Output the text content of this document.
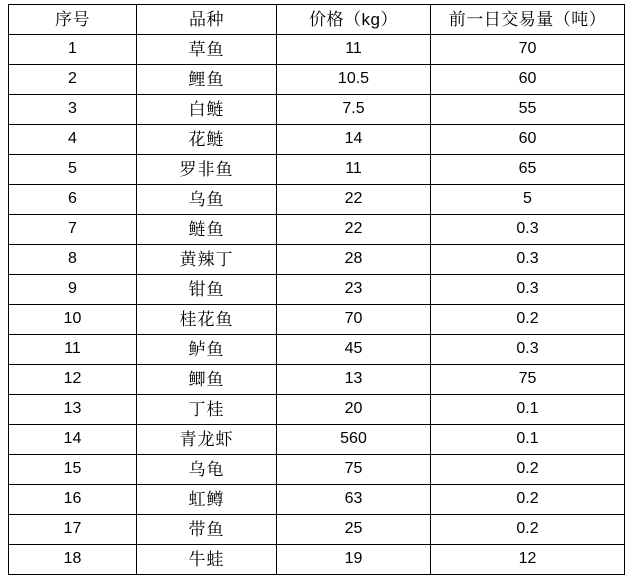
序号	品种	价格（kg）	前一日交易量（吨）
1	草鱼	11	70
2	鲤鱼	10.5	60
3	白鲢	7.5	55
4	花鲢	14	60
5	罗非鱼	11	65
6	乌鱼	22	5
7	鲢鱼	22	0.3
8	黄辣丁	28	0.3
9	钳鱼	23	0.3
10	桂花鱼	70	0.2
11	鲈鱼	45	0.3
12	鲫鱼	13	75
13	丁桂	20	0.1
14	青龙虾	560	0.1
15	乌龟	75	0.2
16	虹鳟	63	0.2
17	带鱼	25	0.2
18	牛蛙	19	12
